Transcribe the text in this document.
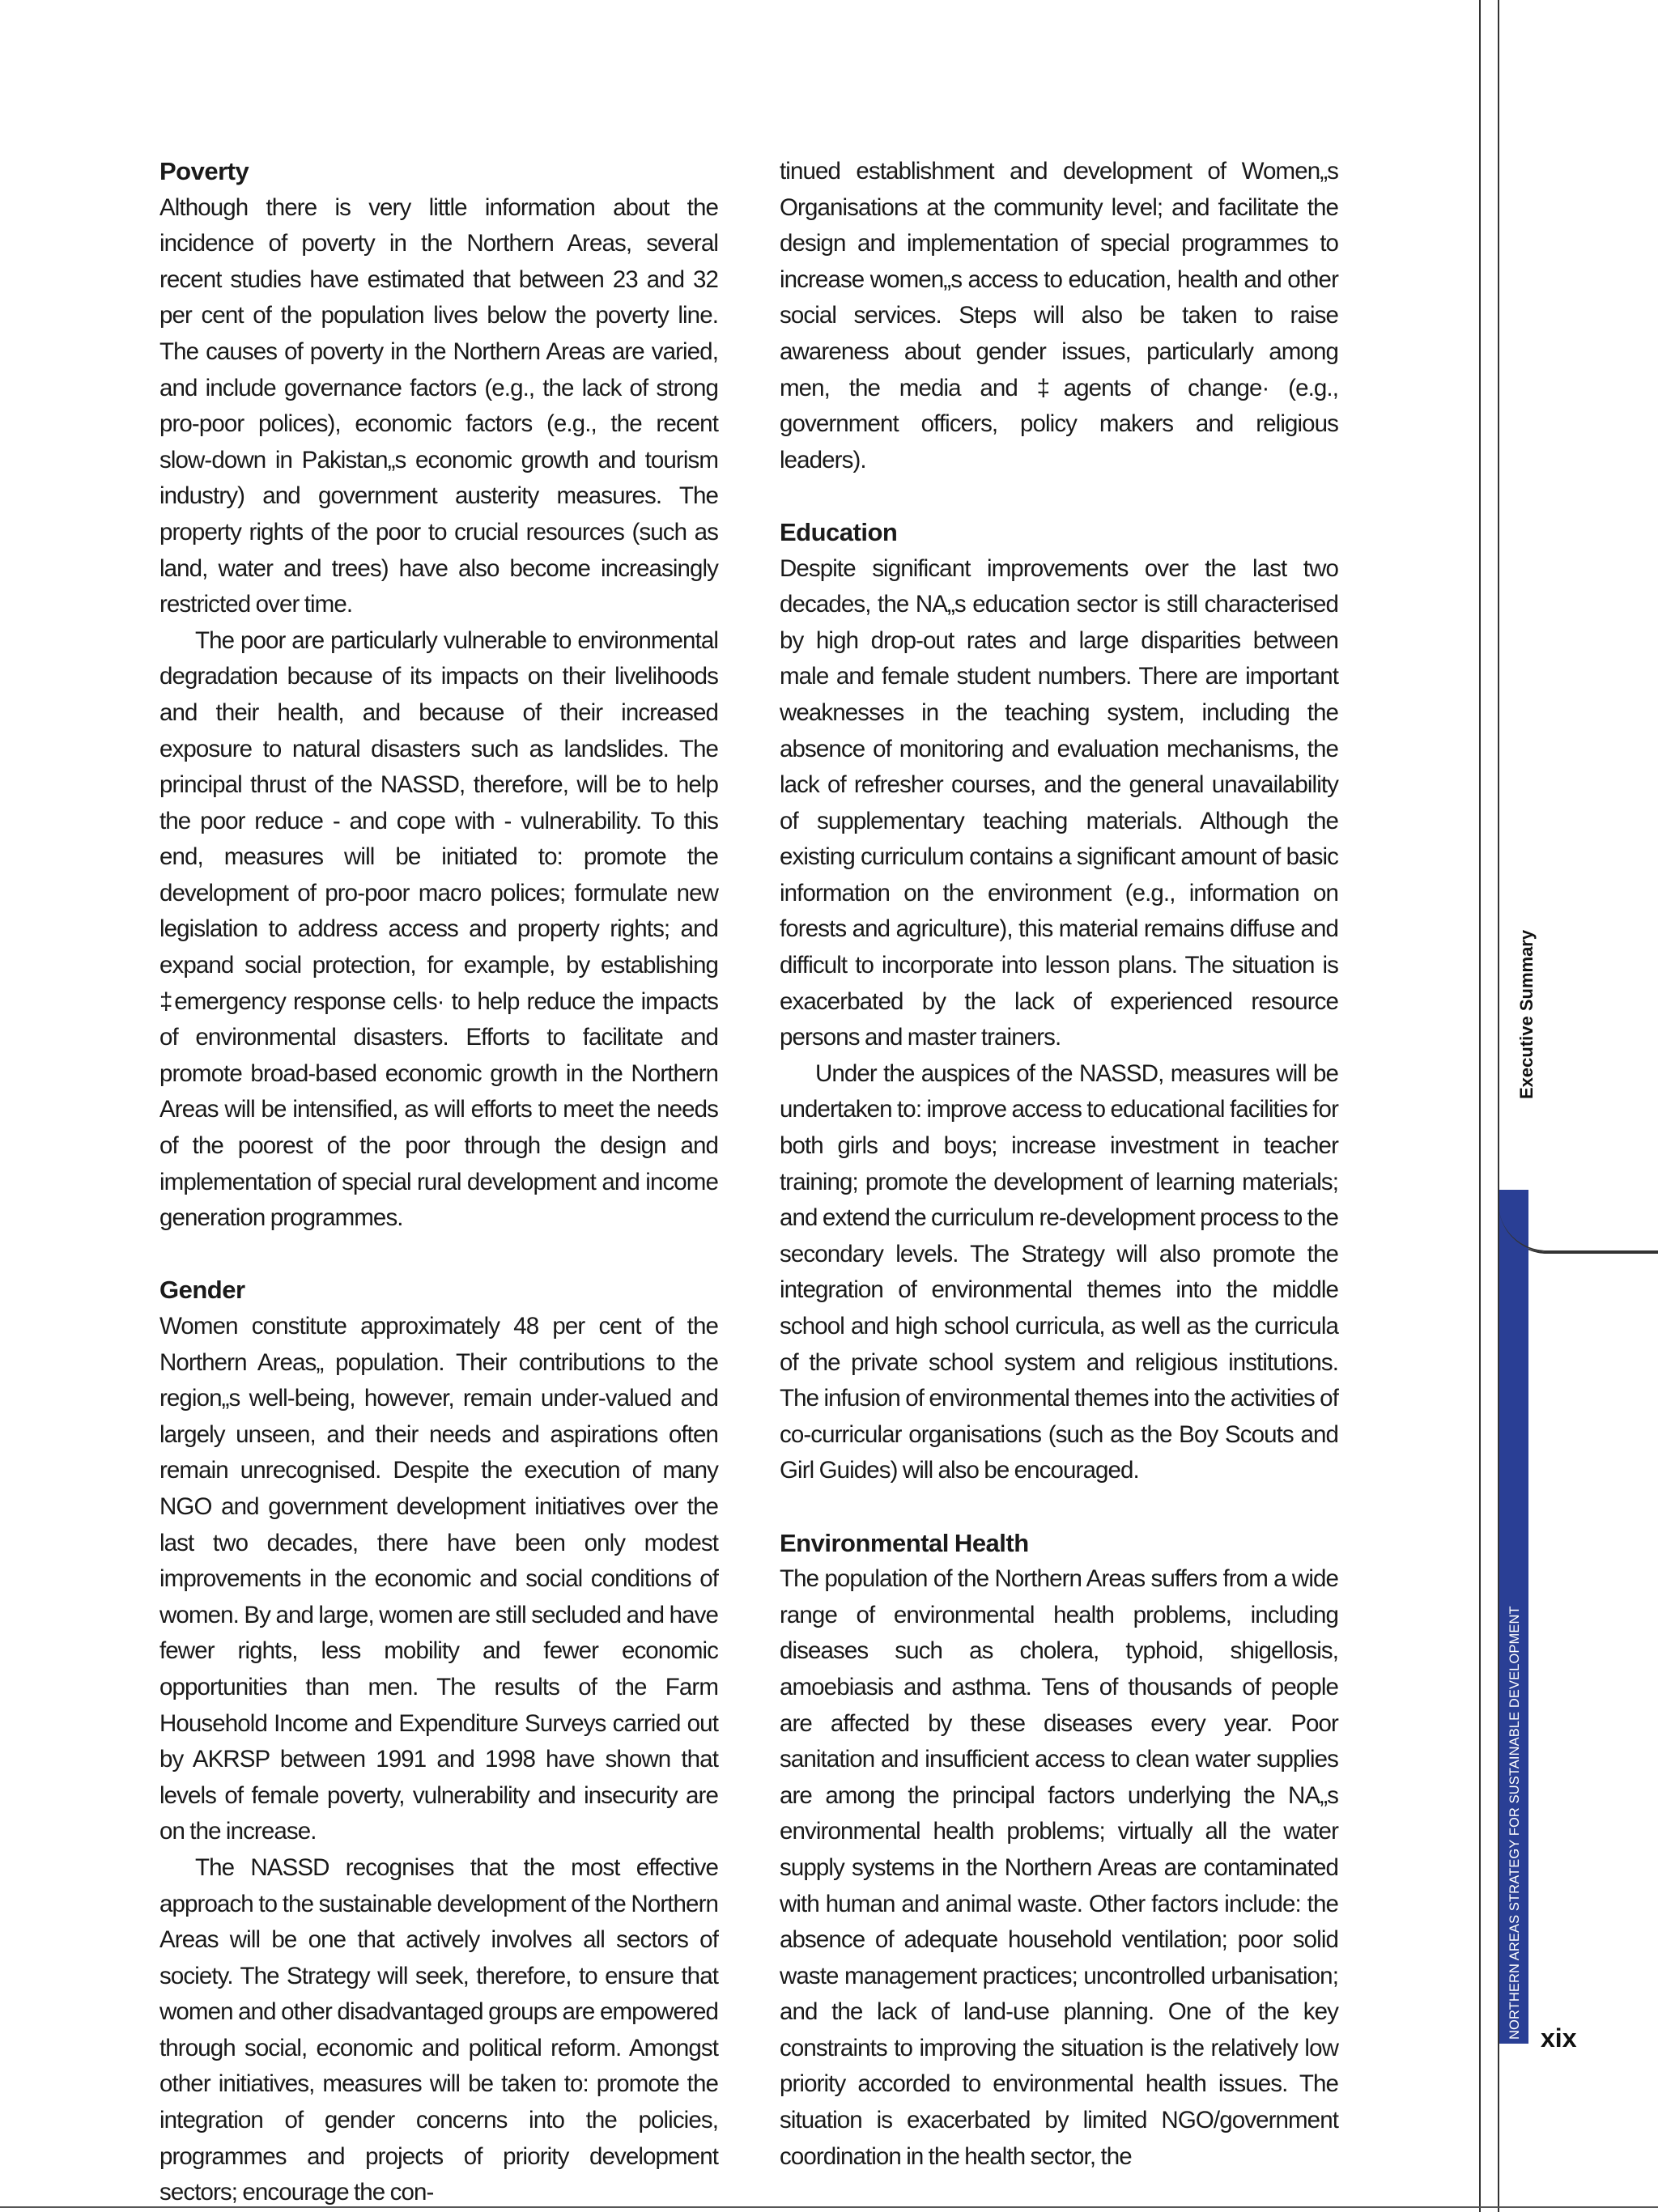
Poverty

Although there is very little information about the incidence of poverty in the Northern Areas, several recent studies have estimated that between 23 and 32 per cent of the population lives below the poverty line. The causes of poverty in the Northern Areas are varied, and include governance factors (e.g., the lack of strong pro-poor polices), economic factors (e.g., the recent slow-down in Pakistan„s economic growth and tourism industry) and government austerity measures. The property rights of the poor to crucial resources (such as land, water and trees) have also become increasingly restricted over time.

The poor are particularly vulnerable to environmental degradation because of its impacts on their livelihoods and their health, and because of their increased exposure to natural disasters such as landslides. The principal thrust of the NASSD, therefore, will be to help the poor reduce - and cope with - vulnerability. To this end, measures will be initiated to: promote the development of pro-poor macro polices; formulate new legislation to address access and property rights; and expand social protection, for example, by establishing ‡emergency response cells· to help reduce the impacts of environmental disasters. Efforts to facilitate and promote broad-based economic growth in the Northern Areas will be intensified, as will efforts to meet the needs of the poorest of the poor through the design and implementation of special rural development and income generation programmes.

Gender

Women constitute approximately 48 per cent of the Northern Areas„ population. Their contributions to the region„s well-being, however, remain under-valued and largely unseen, and their needs and aspirations often remain unrecognised. Despite the execution of many NGO and government development initiatives over the last two decades, there have been only modest improvements in the economic and social conditions of women. By and large, women are still secluded and have fewer rights, less mobility and fewer economic opportunities than men. The results of the Farm Household Income and Expenditure Surveys carried out by AKRSP between 1991 and 1998 have shown that levels of female poverty, vulnerability and insecurity are on the increase.

The NASSD recognises that the most effective approach to the sustainable development of the Northern Areas will be one that actively involves all sectors of society. The Strategy will seek, therefore, to ensure that women and other disadvantaged groups are empowered through social, economic and political reform. Amongst other initiatives, measures will be taken to: promote the integration of gender concerns into the policies, programmes and projects of priority development sectors; encourage the con-

tinued establishment and development of Women„s Organisations at the community level; and facilitate the design and implementation of special programmes to increase women„s access to education, health and other social services. Steps will also be taken to raise awareness about gender issues, particularly among men, the media and ‡agents of change· (e.g., government officers, policy makers and religious leaders).

Education

Despite significant improvements over the last two decades, the NA„s education sector is still characterised by high drop-out rates and large disparities between male and female student numbers. There are important weaknesses in the teaching system, including the absence of monitoring and evaluation mechanisms, the lack of refresher courses, and the general unavailability of supplementary teaching materials. Although the existing curriculum contains a significant amount of basic information on the environment (e.g., information on forests and agriculture), this material remains diffuse and difficult to incorporate into lesson plans. The situation is exacerbated by the lack of experienced resource persons and master trainers.

Under the auspices of the NASSD, measures will be undertaken to: improve access to educational facilities for both girls and boys; increase investment in teacher training; promote the development of learning materials; and extend the curriculum re-development process to the secondary levels. The Strategy will also promote the integration of environmental themes into the middle school and high school curricula, as well as the curricula of the private school system and religious institutions. The infusion of environmental themes into the activities of co-curricular organisations (such as the Boy Scouts and Girl Guides) will also be encouraged.

Environmental Health

The population of the Northern Areas suffers from a wide range of environmental health problems, including diseases such as cholera, typhoid, shigellosis, amoebiasis and asthma. Tens of thousands of people are affected by these diseases every year. Poor sanitation and insufficient access to clean water supplies are among the principal factors underlying the NA„s environmental health problems; virtually all the water supply systems in the Northern Areas are contaminated with human and animal waste. Other factors include: the absence of adequate household ventilation; poor solid waste management practices; uncontrolled urbanisation; and the lack of land-use planning. One of the key constraints to improving the situation is the relatively low priority accorded to environmental health issues. The situation is exacerbated by limited NGO/government coordination in the health sector, the

Executive Summary
NORTHERN AREAS STRATEGY FOR SUSTAINABLE DEVELOPMENT xix
